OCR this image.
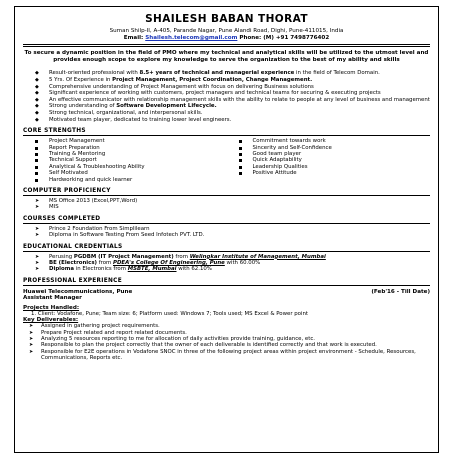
SHAILESH BABAN THORAT
Suman Shilp-II, A-405, Parande Nagar, Pune Alandi Road, Dighi, Pune-411015, India
Email: Shailesh.telecom@gmail.com Phone: (M) +91 7498776402
To secure a dynamic position in the field of PMO where my technical and analytical skills will be utilized to the utmost level and provides enough scope to explore my knowledge to serve the organization to the best of my ability and skills
◆ Result-oriented professional with 8.5+ years of technical and managerial experience in the field of Telecom Domain.
◆ 5 Yrs. Of Experience in Project Management, Project Coordination, Change Management.
◆ Comprehensive understanding of Project Management with focus on delivering Business solutions
◆ Significant experience of working with customers, project managers and technical teams for securing & executing projects
◆ An effective communicator with relationship management skills with the ability to relate to people at any level of business and management
◆ Strong understanding of Software Development Lifecycle.
◆ Strong technical, organizational, and interpersonal skills.
◆ Motivated team player, dedicated to training lower level engineers.
CORE STRENGTHS
Project Management
Report Preparation
Training & Mentoring
Technical Support
Analytical & Troubleshooting Ability
Self Motivated
Hardworking and quick learner
Commitment towards work
Sincerity and Self-Confidence
Good team player
Quick Adaptability
Leadership Qualities
Positive Attitude
COMPUTER PROFICIENCY
➤ MS Office 2013 (Excel,PPT,Word)
➤ MIS
COURSES COMPLETED
➤ Prince 2 Foundation From Simplilearn
➤ Diploma in Software Testing From Seed Infotech PVT. LTD.
EDUCATIONAL CREDENTIALS
➤ Perusing PGDBM (IT Project Management) from Welingkar Institute of Management, Mumbai
➤ BE (Electronics) from PDEA's College Of Engineering, Pune with 60.00%
➤ Diploma in Electronics from MSBTE, Mumbai with 62.10%
PROFESSIONAL EXPERIENCE
Huawei Telecommunications, Pune	(Feb'16 - Till Date)
Assistant Manager
Projects Handled:
1. Client: Vodafone, Pune; Team size: 6; Platform used: Windows 7; Tools used; MS Excel & Power point
Key Deliverables:
➤ Assigned in gathering project requirements.
➤ Prepare Project related and report related documents.
➤ Analyzing 5 resources reporting to me for allocation of daily activities provide training, guidance, etc.
➤ Responsible to plan the project correctly that the owner of each deliverable is identified correctly and that work is executed.
➤ Responsible for E2E operations in Vodafone SNOC in three of the following project areas within project environment - Schedule, Resources, Communications, Reports etc.
